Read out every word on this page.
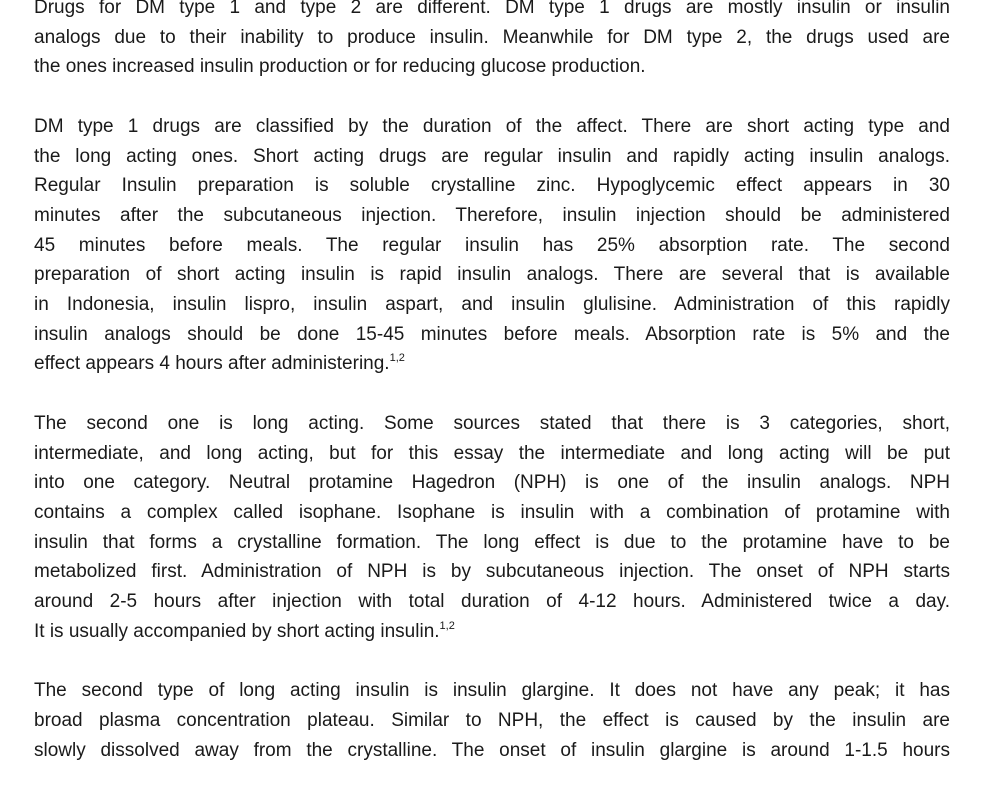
Drugs for DM type 1 and type 2 are different. DM type 1 drugs are mostly insulin or insulin
analogs due to their inability to produce insulin. Meanwhile for DM type 2, the drugs used are
the ones increased insulin production or for reducing glucose production.
DM type 1 drugs are classified by the duration of the affect. There are short acting type and
the long acting ones. Short acting drugs are regular insulin and rapidly acting insulin analogs.
Regular Insulin preparation is soluble crystalline zinc. Hypoglycemic effect appears in 30
minutes after the subcutaneous injection. Therefore, insulin injection should be administered
45 minutes before meals. The regular insulin has 25% absorption rate. The second
preparation of short acting insulin is rapid insulin analogs. There are several that is available
in Indonesia, insulin lispro, insulin aspart, and insulin glulisine. Administration of this rapidly
insulin analogs should be done 15-45 minutes before meals. Absorption rate is 5% and the
effect appears 4 hours after administering.$^{1,2}$
The second one is long acting. Some sources stated that there is 3 categories, short,
intermediate, and long acting, but for this essay the intermediate and long acting will be put
into one category. Neutral protamine Hagedron (NPH) is one of the insulin analogs. NPH
contains a complex called isophane. Isophane is insulin with a combination of protamine with
insulin that forms a crystalline formation. The long effect is due to the protamine have to be
metabolized first. Administration of NPH is by subcutaneous injection. The onset of NPH starts
around 2-5 hours after injection with total duration of 4-12 hours. Administered twice a day.
It is usually accompanied by short acting insulin.$^{1,2}$
The second type of long acting insulin is insulin glargine. It does not have any peak; it has
broad plasma concentration plateau. Similar to NPH, the effect is caused by the insulin are
slowly dissolved away from the crystalline. The onset of insulin glargine is around 1-1.5 hours
